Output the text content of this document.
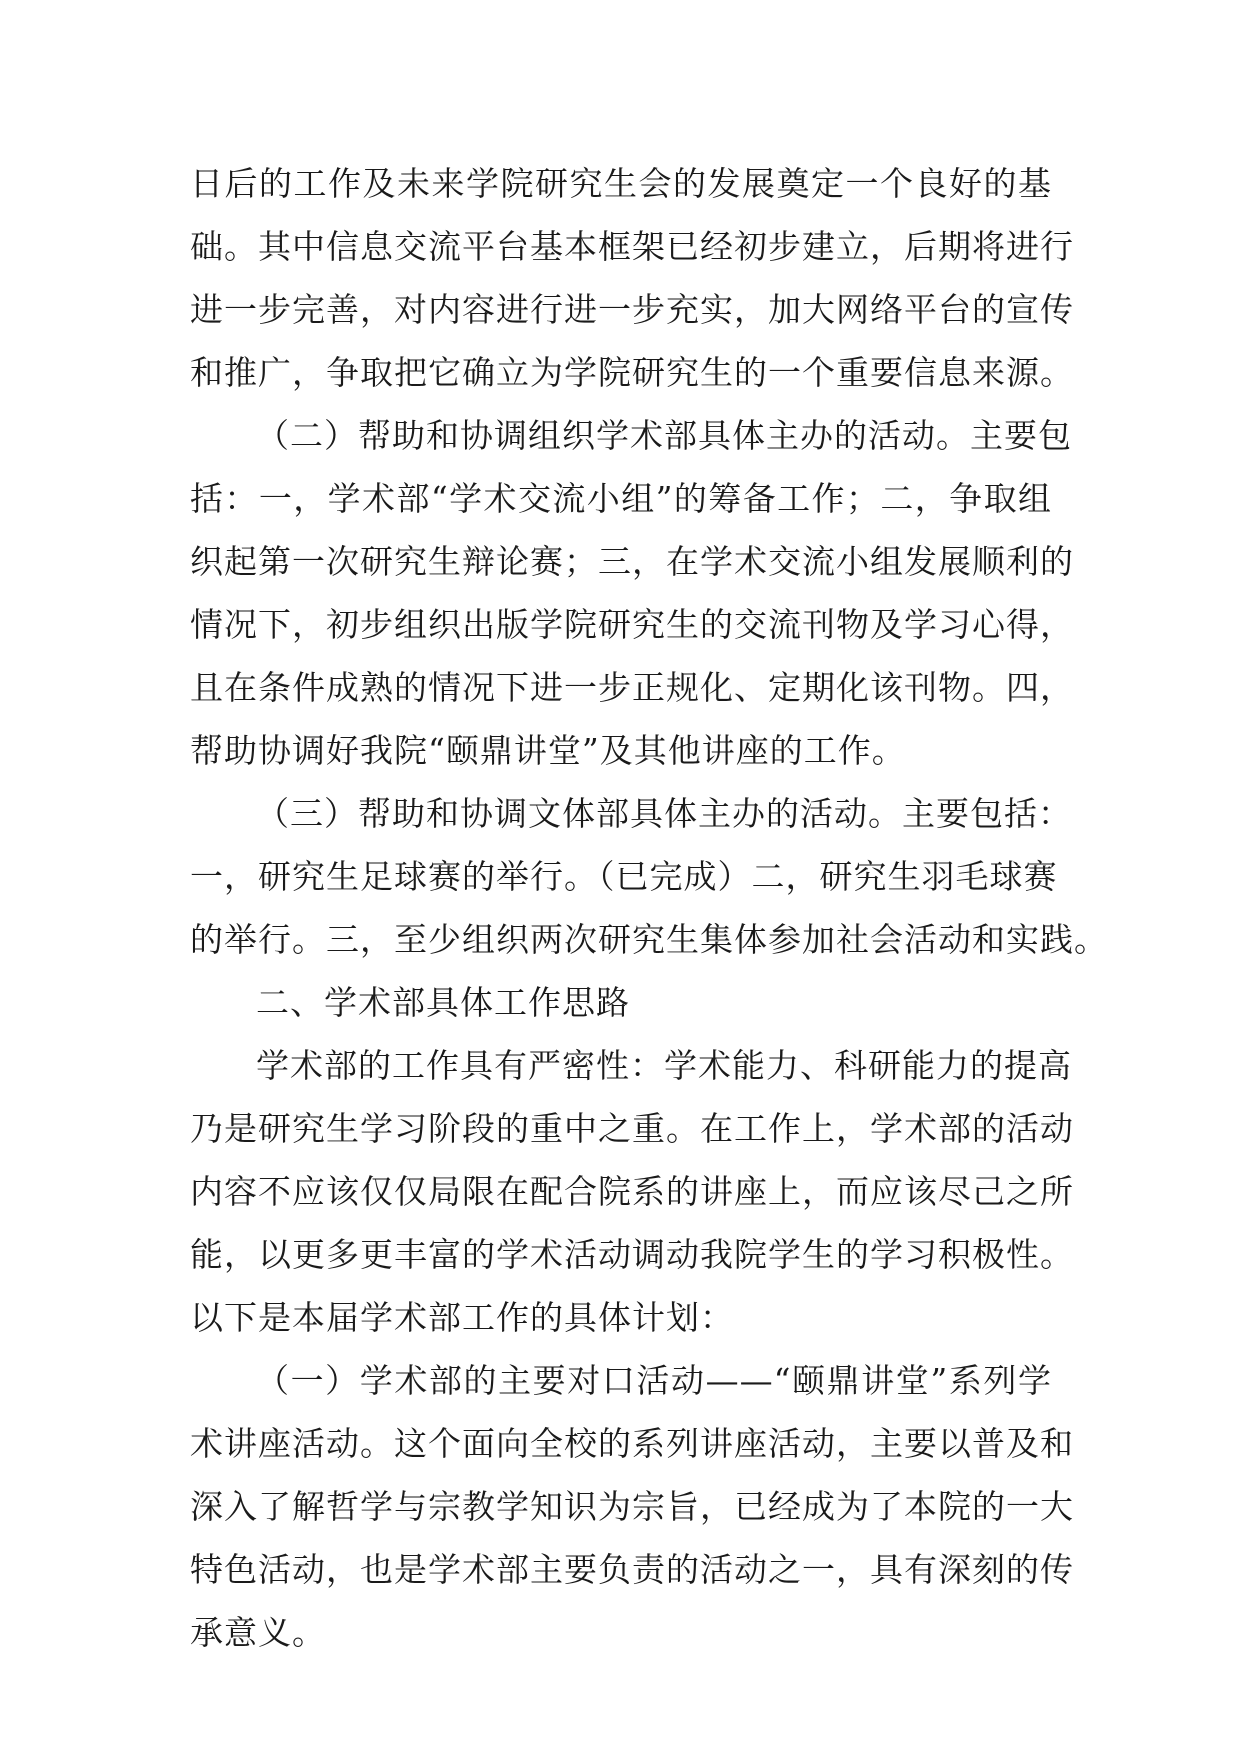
日后的工作及未来学院研究生会的发展奠定一个良好的基
础。其中信息交流平台基本框架已经初步建立，后期将进行
进一步完善，对内容进行进一步充实，加大网络平台的宣传
和推广，争取把它确立为学院研究生的一个重要信息来源。
（二）帮助和协调组织学术部具体主办的活动。主要包
括：一，学术部“学术交流小组”的筹备工作；二，争取组
织起第一次研究生辩论赛；三，在学术交流小组发展顺利的
情况下，初步组织出版学院研究生的交流刊物及学习心得，
且在条件成熟的情况下进一步正规化、定期化该刊物。四，
帮助协调好我院“颐鼎讲堂”及其他讲座的工作。
（三）帮助和协调文体部具体主办的活动。主要包括：
一，研究生足球赛的举行。（已完成）二，研究生羽毛球赛
的举行。三，至少组织两次研究生集体参加社会活动和实践。
二、学术部具体工作思路
学术部的工作具有严密性：学术能力、科研能力的提高
乃是研究生学习阶段的重中之重。在工作上，学术部的活动
内容不应该仅仅局限在配合院系的讲座上，而应该尽己之所
能，以更多更丰富的学术活动调动我院学生的学习积极性。
以下是本届学术部工作的具体计划：
（一）学术部的主要对口活动——“颐鼎讲堂”系列学
术讲座活动。这个面向全校的系列讲座活动，主要以普及和
深入了解哲学与宗教学知识为宗旨，已经成为了本院的一大
特色活动，也是学术部主要负责的活动之一，具有深刻的传
承意义。
